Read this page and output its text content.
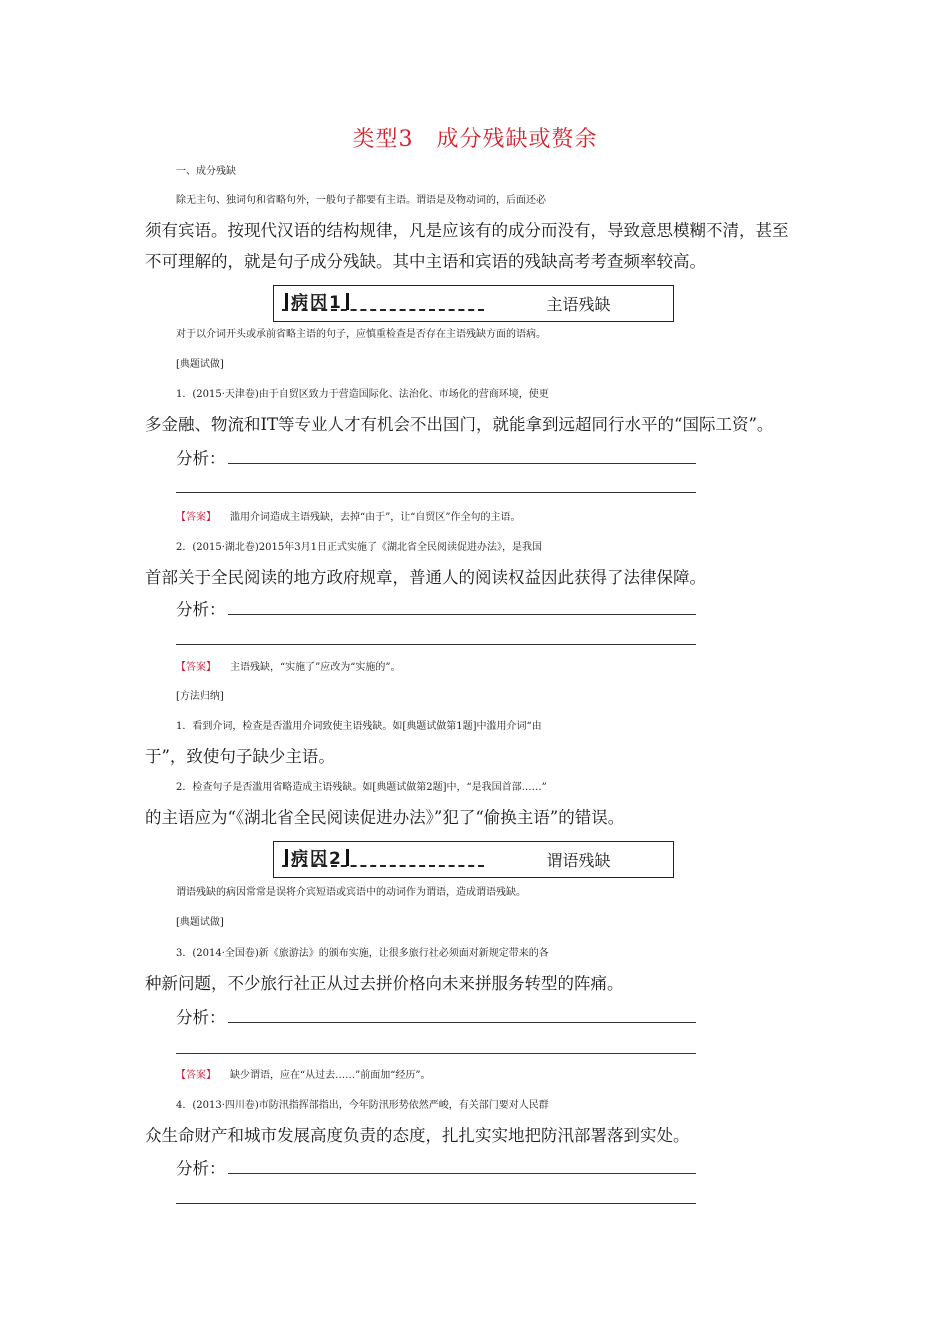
类型3　成分残缺或赘余
一、成分残缺
除无主句、独词句和省略句外，一般句子都要有主语。谓语是及物动词的，后面还必
须有宾语。按现代汉语的结构规律，凡是应该有的成分而没有，导致意思模糊不清，甚至
不可理解的，就是句子成分残缺。其中主语和宾语的残缺高考考查频率较高。
病因1	主语残缺
对于以介词开头或承前省略主语的句子，应慎重检查是否存在主语残缺方面的语病。
[典题试做]
1．(2015·天津卷)由于自贸区致力于营造国际化、法治化、市场化的营商环境，使更
多金融、物流和IT等专业人才有机会不出国门，就能拿到远超同行水平的“国际工资”。
分析：
【答案】 滥用介词造成主语残缺，去掉“由于”，让“自贸区”作全句的主语。
2．(2015·湖北卷)2015年3月1日正式实施了《湖北省全民阅读促进办法》，是我国
首部关于全民阅读的地方政府规章，普通人的阅读权益因此获得了法律保障。
分析：
【答案】 主语残缺，“实施了”应改为“实施的”。
[方法归纳]
1．看到介词，检查是否滥用介词致使主语残缺。如[典题试做第1题]中滥用介词“由
于”，致使句子缺少主语。
2．检查句子是否滥用省略造成主语残缺。如[典题试做第2题]中，“是我国首部……”
的主语应为“《湖北省全民阅读促进办法》”犯了“偷换主语”的错误。
病因2	谓语残缺
谓语残缺的病因常常是误将介宾短语或宾语中的动词作为谓语，造成谓语残缺。
[典题试做]
3．(2014·全国卷)新《旅游法》的颁布实施，让很多旅行社必须面对新规定带来的各
种新问题，不少旅行社正从过去拼价格向未来拼服务转型的阵痛。
分析：
【答案】 缺少谓语，应在“从过去……”前面加“经历”。
4．(2013·四川卷)市防汛指挥部指出，今年防汛形势依然严峻，有关部门要对人民群
众生命财产和城市发展高度负责的态度，扎扎实实地把防汛部署落到实处。
分析：
